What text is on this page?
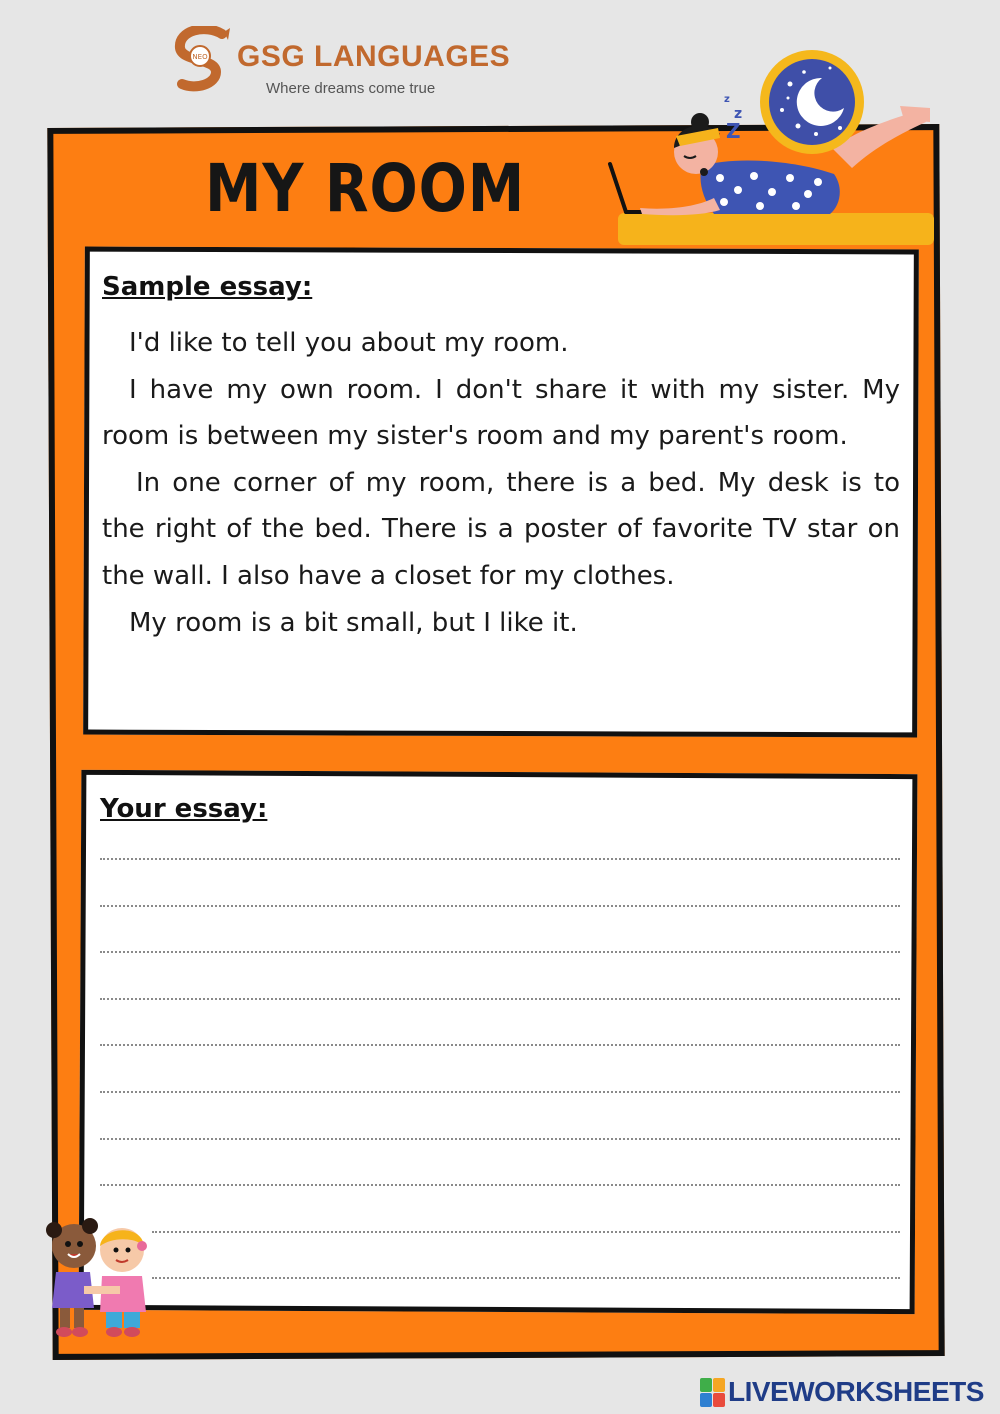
NEO GSG LANGUAGES
Where dreams come true
MY ROOM
z
z
Z
Sample essay:

I'd like to tell you about my room.

I have my own room. I don't share it with my sister. My room is between my sister's room and my parent's room.

In one corner of my room, there is a bed. My desk is to the right of the bed. There is a poster of favorite TV star on the wall. I also have a closet for my clothes.

My room is a bit small, but I like it.

Your essay:
LIVEWORKSHEETS
